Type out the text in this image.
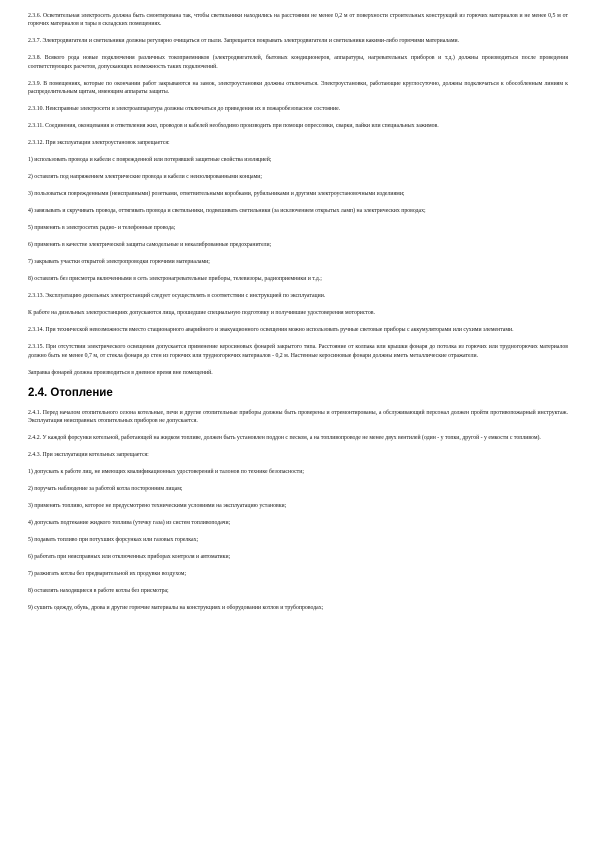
2.3.6. Осветительная электросеть должна быть смонтирована так, чтобы светильники находились на расстоянии не менее 0,2 м от поверхности строительных конструкций из горючих материалов и не менее 0,5 м от горючих материалов и тары в складских помещениях.

2.3.7. Электродвигатели и светильники должны регулярно очищаться от пыли. Запрещается покрывать электродвигатели и светильники какими-либо горючими материалами.

2.3.8. Всякого рода новые подключения различных токоприемников (электродвигателей, бытовых кондиционеров, аппаратуры, нагревательных приборов и т.д.) должны производиться после проведения соответствующих расчетов, допускающих возможность таких подключений.

2.3.9. В помещениях, которые по окончании работ закрываются на замок, электроустановки должны отключаться. Электроустановки, работающие круглосуточно, должны подключаться к обособленным линиям к распределительным щитам, имеющим аппараты защиты.

2.3.10. Неисправные электросети и электроаппаратура должны отключаться до приведения их в пожаробезопасное состояние.

2.3.11. Соединения, оконцевания и ответвления жил, проводов и кабелей необходимо производить при помощи опрессовки, сварки, пайки или специальных зажимов.

2.3.12. При эксплуатации электроустановок запрещается:

1) использовать провода и кабели с поврежденной или потерявшей защитные свойства изоляцией;

2) оставлять под напряжением электрические провода и кабели с неизолированными концами;

3) пользоваться поврежденными (неисправными) розетками, ответвительными коробками, рубильниками и другими электроустановочными изделиями;

4) завязывать и скручивать провода, оттягивать провода и светильники, подвешивать светильники (за исключением открытых ламп) на электрических проводах;

5) применять в электросетях радио- и телефонные провода;

6) применять в качестве электрической защиты самодельные и некалиброванные предохранители;

7) закрывать участки открытой электропроводки горючими материалами;

8) оставлять без присмотра включенными в сеть электронагревательные приборы, телевизоры, радиоприемники и т.д.;

2.3.13. Эксплуатацию дизельных электростанций следует осуществлять в соответствии с инструкцией по эксплуатации.

К работе на дизельных электростанциях допускаются лица, прошедшие специальную подготовку и получившие удостоверения мотористов.

2.3.14. При технической невозможности вместо стационарного аварийного и эвакуационного освещения можно использовать ручные световые приборы с аккумуляторами или сухими элементами.

2.3.15. При отсутствии электрического освещения допускается применение керосиновых фонарей закрытого типа. Расстояние от колпака или крышки фонаря до потолка из горючих или трудногорючих материалов должно быть не менее 0,7 м, от стекла фонаря до стен из горючих или трудногорючих материалов - 0,2 м. Настенные керосиновые фонари должны иметь металлические отражатели.

Заправка фонарей должна производиться в дневное время вне помещений.

2.4. Отопление

2.4.1. Перед началом отопительного сезона котельные, печи и другие отопительные приборы должны быть проверены и отремонтированы, а обслуживающий персонал должен пройти противопожарный инструктаж. Эксплуатация неисправных отопительных приборов не допускается.

2.4.2. У каждой форсунки котельной, работающей на жидком топливе, должен быть установлен поддон с песком, а на топливопроводе не менее двух вентилей (один - у топки, другой - у емкости с топливом).

2.4.3. При эксплуатации котельных запрещается:

1) допускать к работе лиц, не имеющих квалификационных удостоверений и талонов по технике безопасности;

2) поручать наблюдение за работой котла посторонним лицам;

3) применять топливо, которое не предусмотрено техническими условиями на эксплуатацию установки;

4) допускать подтекание жидкого топлива (утечку газа) из систем топливоподачи;

5) подавать топливо при потухших форсунках или газовых горелках;

6) работать при неисправных или отключенных приборах контроля и автоматики;

7) разжигать котлы без предварительной их продувки воздухом;

8) оставлять находящиеся в работе котлы без присмотра;

9) сушить одежду, обувь, дрова и другие горючие материалы на конструкциях и оборудовании котлов и трубопроводах;
